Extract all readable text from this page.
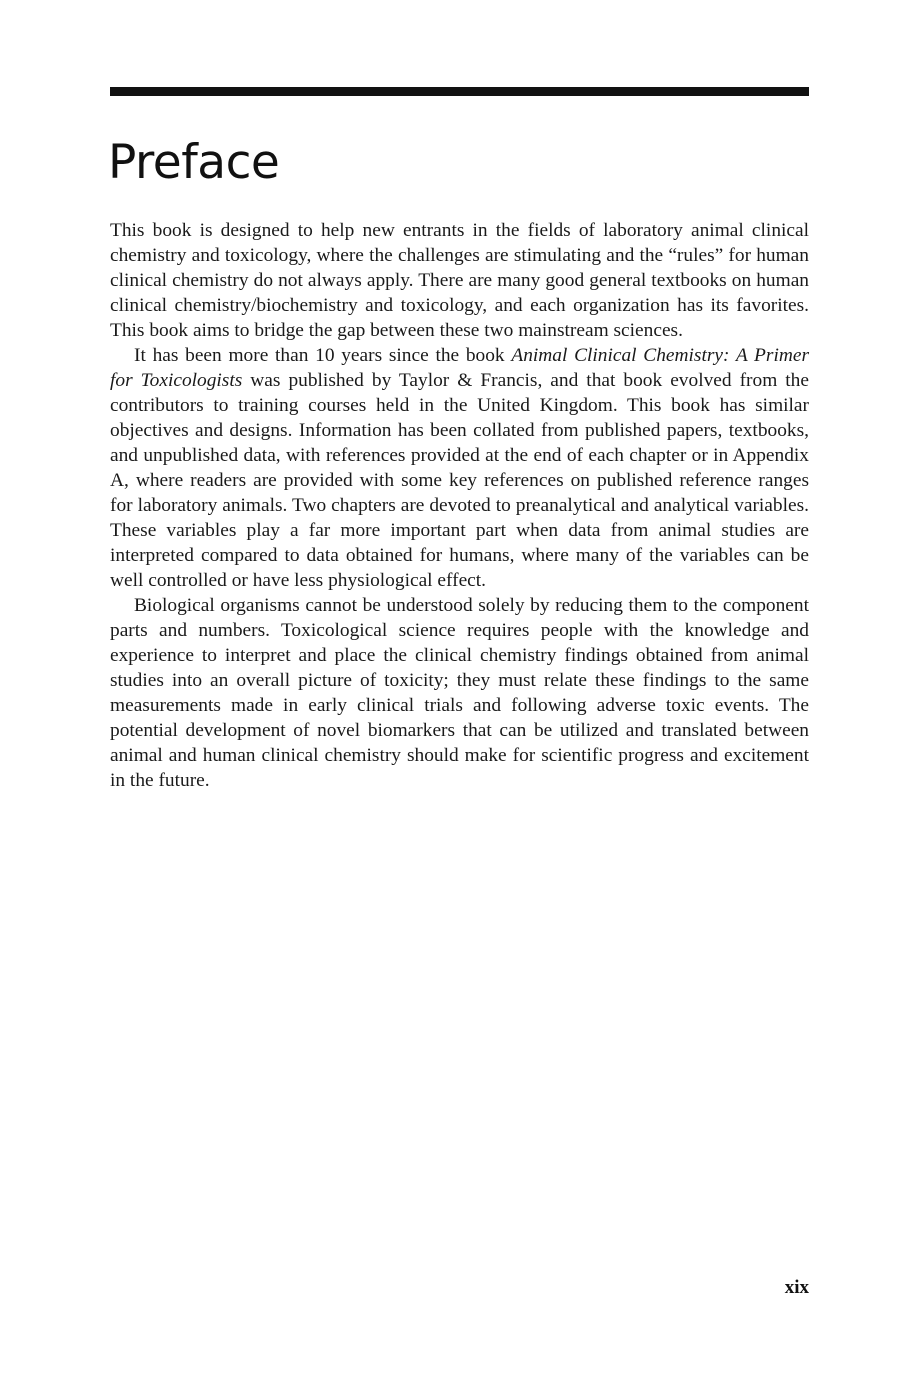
Preface

This book is designed to help new entrants in the fields of laboratory animal clinical chemistry and toxicology, where the challenges are stimulating and the “rules” for human clinical chemistry do not always apply. There are many good general textbooks on human clinical chemistry/biochemistry and toxicology, and each organization has its favorites. This book aims to bridge the gap between these two mainstream sciences.

It has been more than 10 years since the book Animal Clinical Chemistry: A Primer for Toxicologists was published by Taylor & Francis, and that book evolved from the contributors to training courses held in the United Kingdom. This book has similar objectives and designs. Information has been collated from published papers, textbooks, and unpublished data, with references provided at the end of each chapter or in Appendix A, where readers are provided with some key references on published reference ranges for laboratory animals. Two chapters are devoted to preanalytical and analytical variables. These variables play a far more important part when data from animal studies are interpreted compared to data obtained for humans, where many of the variables can be well controlled or have less physiological effect.

Biological organisms cannot be understood solely by reducing them to the component parts and numbers. Toxicological science requires people with the knowledge and experience to interpret and place the clinical chemistry findings obtained from animal studies into an overall picture of toxicity; they must relate these findings to the same measurements made in early clinical trials and following adverse toxic events. The potential development of novel biomarkers that can be utilized and translated between animal and human clinical chemistry should make for scientific progress and excitement in the future.

xix
